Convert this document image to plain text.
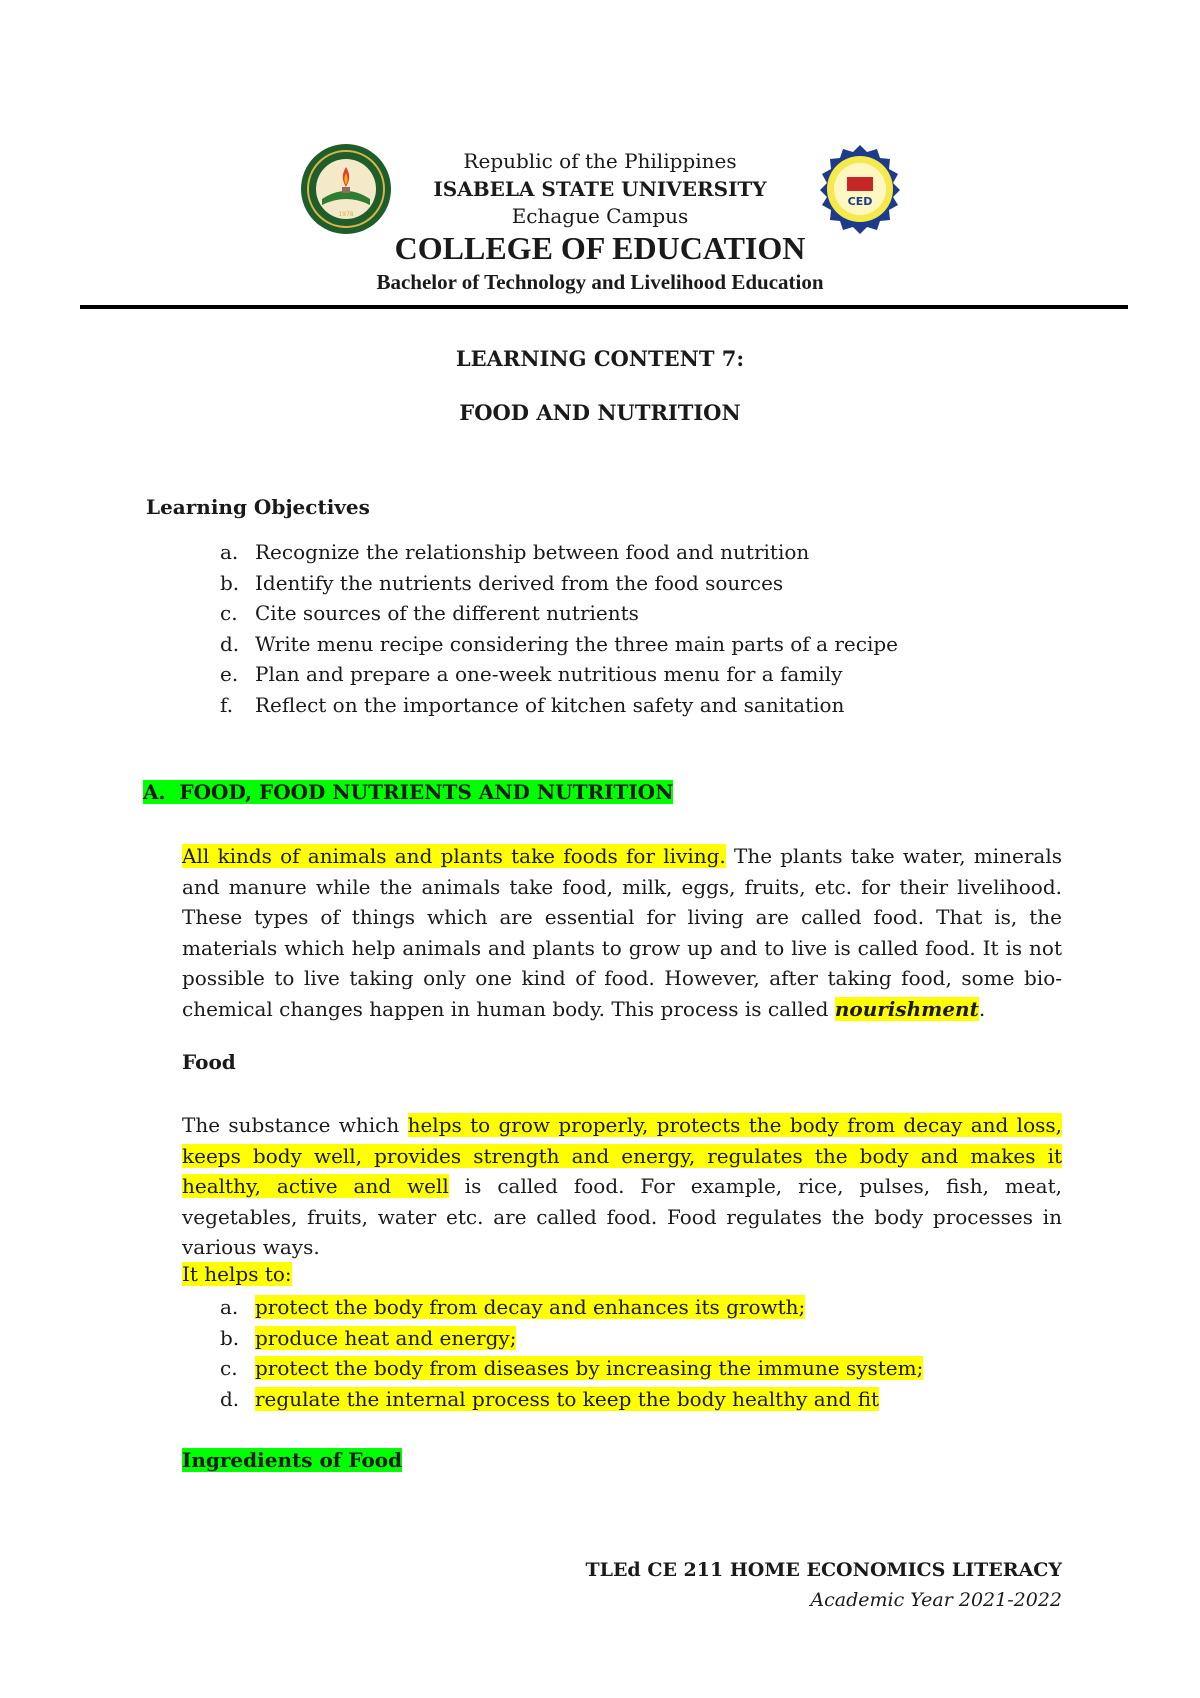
1978
CED
Republic of the Philippines
ISABELA STATE UNIVERSITY
Echague Campus
COLLEGE OF EDUCATION
Bachelor of Technology and Livelihood Education
LEARNING CONTENT 7:
FOOD AND NUTRITION
Learning Objectives
a. Recognize the relationship between food and nutrition
b. Identify the nutrients derived from the food sources
c. Cite sources of the different nutrients
d. Write menu recipe considering the three main parts of a recipe
e. Plan and prepare a one-week nutritious menu for a family
f. Reflect on the importance of kitchen safety and sanitation
A.  FOOD, FOOD NUTRIENTS AND NUTRITION

All kinds of animals and plants take foods for living. The plants take water, minerals and manure while the animals take food, milk, eggs, fruits, etc. for their livelihood. These types of things which are essential for living are called food. That is, the materials which help animals and plants to grow up and to live is called food. It is not possible to live taking only one kind of food. However, after taking food, some bio-chemical changes happen in human body. This process is called nourishment.

Food

The substance which helps to grow properly, protects the body from decay and loss, keeps body well, provides strength and energy, regulates the body and makes it healthy, active and well is called food. For example, rice, pulses, fish, meat, vegetables, fruits, water etc. are called food. Food regulates the body processes in various ways.

It helps to:
a. protect the body from decay and enhances its growth;
b. produce heat and energy;
c. protect the body from diseases by increasing the immune system;
d. regulate the internal process to keep the body healthy and fit
Ingredients of Food
TLEd CE 211 HOME ECONOMICS LITERACY
Academic Year 2021-2022
